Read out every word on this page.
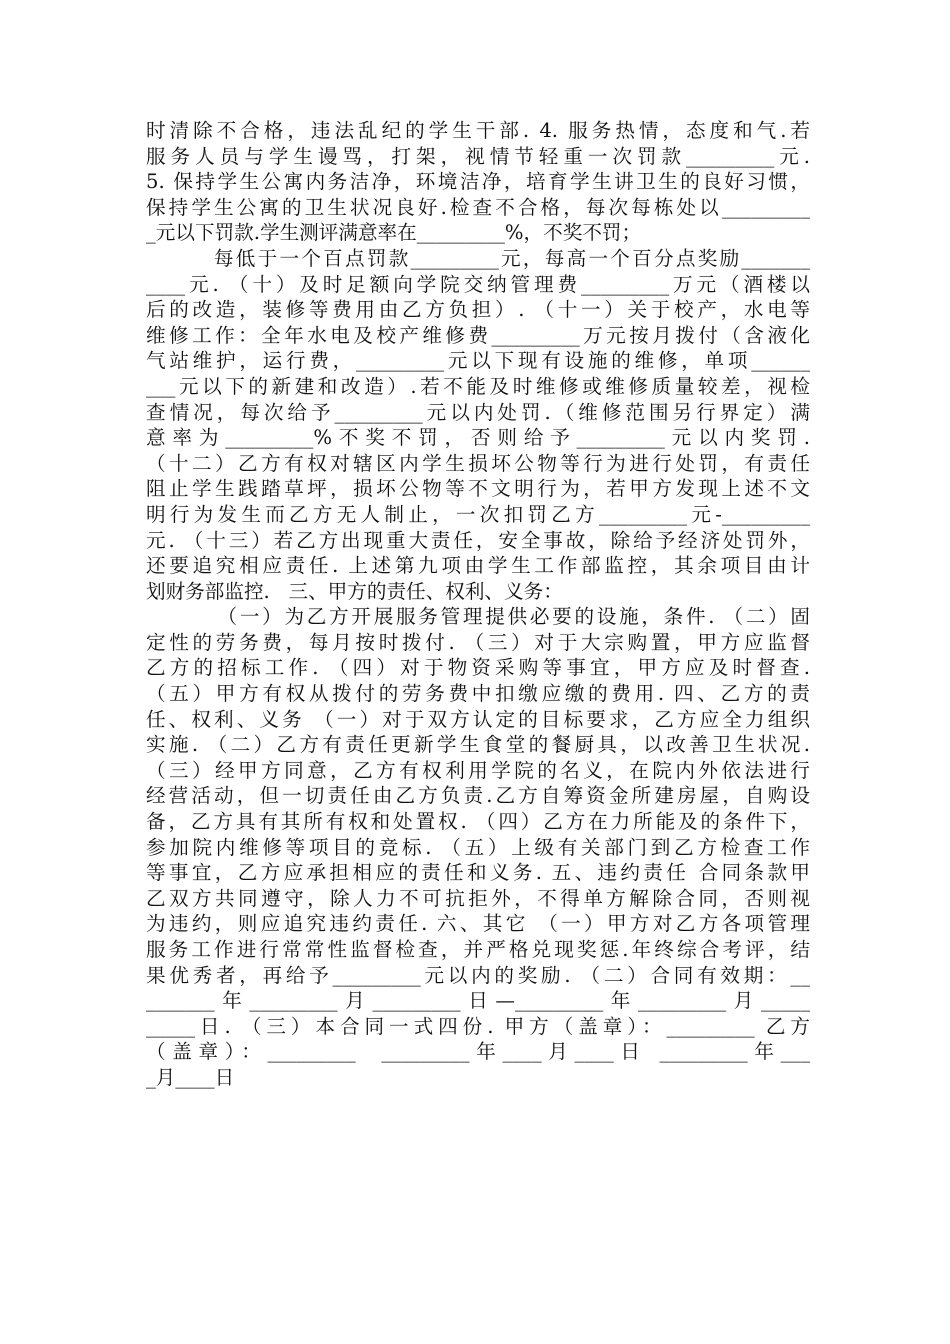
时清除不合格，违法乱纪的学生干部. 4. 服务热情，态度和气.若
服务人员与学生谩骂，打架，视情节轻重一次罚款_________元.
5. 保持学生公寓内务洁净，环境洁净，培育学生讲卫生的良好习惯，
保持学生公寓的卫生状况良好.检查不合格，每次每栋处以_________
_元以下罚款.学生测评满意率在_________%，不奖不罚；
每低于一个百点罚款_________元，每高一个百分点奖励_______
____元. （十）及时足额向学院交纳管理费_________万元（酒楼以
后的改造，装修等费用由乙方负担）. （十一）关于校产，水电等
维修工作：全年水电及校产维修费_________万元按月拨付（含液化
气站维护，运行费，_________元以下现有设施的维修，单项______
___元以下的新建和改造）.若不能及时维修或维修质量较差，视检
查情况，每次给予_________元以内处罚.（维修范围另行界定）满
意率为_________%不奖不罚，否则给予_________元以内奖罚.
（十二）乙方有权对辖区内学生损坏公物等行为进行处罚，有责任
阻止学生践踏草坪，损坏公物等不文明行为，若甲方发现上述不文
明行为发生而乙方无人制止，一次扣罚乙方_________元-_________
元. （十三）若乙方出现重大责任，安全事故，除给予经济处罚外，
还要追究相应责任. 上述第九项由学生工作部监控，其余项目由计
划财务部监控.   三、甲方的责任、权利、义务：
（一）为乙方开展服务管理提供必要的设施，条件. （二）固
定性的劳务费，每月按时拨付. （三）对于大宗购置，甲方应监督
乙方的招标工作. （四）对于物资采购等事宜，甲方应及时督查.
（五）甲方有权从拨付的劳务费中扣缴应缴的费用. 四、乙方的责
任、权利、义务 （一）对于双方认定的目标要求，乙方应全力组织
实施. （二）乙方有责任更新学生食堂的餐厨具，以改善卫生状况.
（三）经甲方同意，乙方有权利用学院的名义，在院内外依法进行
经营活动，但一切责任由乙方负责.乙方自筹资金所建房屋，自购设
备，乙方具有其所有权和处置权. （四）乙方在力所能及的条件下，
参加院内维修等项目的竞标. （五）上级有关部门到乙方检查工作
等事宜，乙方应承担相应的责任和义务. 五、违约责任 合同条款甲
乙双方共同遵守，除人力不可抗拒外，不得单方解除合同，否则视
为违约，则应追究违约责任. 六、其它 （一）甲方对乙方各项管理
服务工作进行常常性监督检查，并严格兑现奖惩.年终综合考评，结
果优秀者，再给予_________元以内的奖励. （二）合同有效期：__
_______年_________月_________日—_________年_________月_____
_____日. （三）本合同一式四份. 甲方（盖章）：_________ 乙方
（盖章）：_________  _________年____月____日 _________年___
_月____日
